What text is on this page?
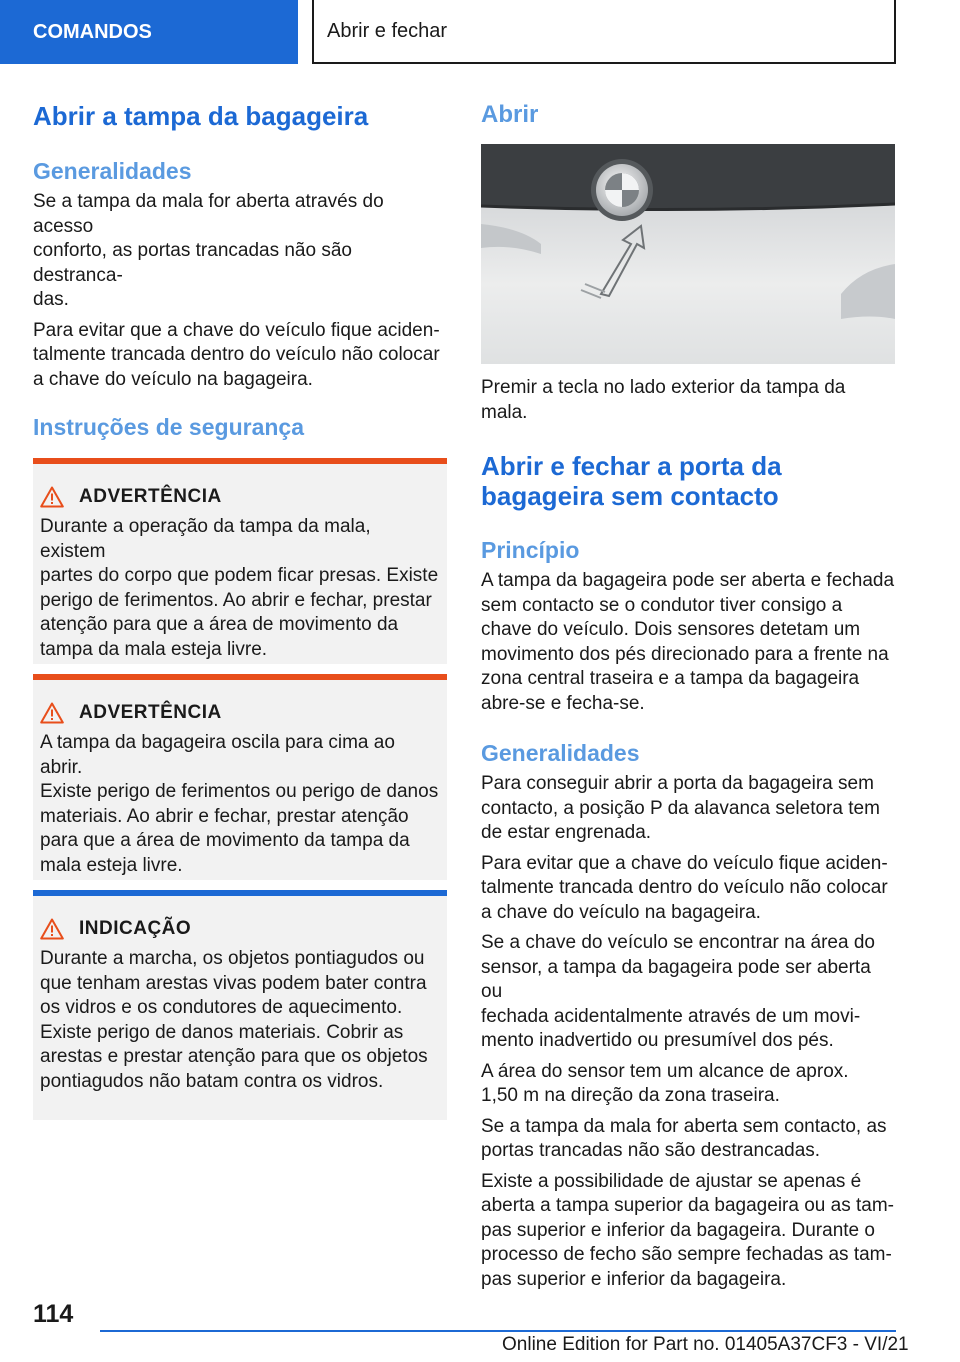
COMANDOS	Abrir e fechar
Abrir a tampa da bagageira
Generalidades

Se a tampa da mala for aberta através do acesso
conforto, as portas trancadas não são destranca-
das.

Para evitar que a chave do veículo fique aciden-
talmente trancada dentro do veículo não colocar
a chave do veículo na bagageira.

Instruções de segurança
ADVERTÊNCIA

Durante a operação da tampa da mala, existem
partes do corpo que podem ficar presas. Existe
perigo de ferimentos. Ao abrir e fechar, prestar
atenção para que a área de movimento da
tampa da mala esteja livre.

ADVERTÊNCIA

A tampa da bagageira oscila para cima ao abrir.
Existe perigo de ferimentos ou perigo de danos
materiais. Ao abrir e fechar, prestar atenção
para que a área de movimento da tampa da
mala esteja livre.

INDICAÇÃO

Durante a marcha, os objetos pontiagudos ou
que tenham arestas vivas podem bater contra
os vidros e os condutores de aquecimento.
Existe perigo de danos materiais. Cobrir as
arestas e prestar atenção para que os objetos
pontiagudos não batam contra os vidros.

Abrir

Premir a tecla no lado exterior da tampa da mala.

Abrir e fechar a porta da
bagageira sem contacto
Princípio

A tampa da bagageira pode ser aberta e fechada
sem contacto se o condutor tiver consigo a
chave do veículo. Dois sensores detetam um
movimento dos pés direcionado para a frente na
zona central traseira e a tampa da bagageira
abre-se e fecha-se.

Generalidades

Para conseguir abrir a porta da bagageira sem
contacto, a posição P da alavanca seletora tem
de estar engrenada.

Para evitar que a chave do veículo fique aciden-
talmente trancada dentro do veículo não colocar
a chave do veículo na bagageira.

Se a chave do veículo se encontrar na área do
sensor, a tampa da bagageira pode ser aberta ou
fechada acidentalmente através de um movi-
mento inadvertido ou presumível dos pés.

A área do sensor tem um alcance de aprox.
1,50 m na direção da zona traseira.

Se a tampa da mala for aberta sem contacto, as
portas trancadas não são destrancadas.

Existe a possibilidade de ajustar se apenas é
aberta a tampa superior da bagageira ou as tam-
pas superior e inferior da bagageira. Durante o
processo de fecho são sempre fechadas as tam-
pas superior e inferior da bagageira.

114
Online Edition for Part no. 01405A37CF3 - VI/21
